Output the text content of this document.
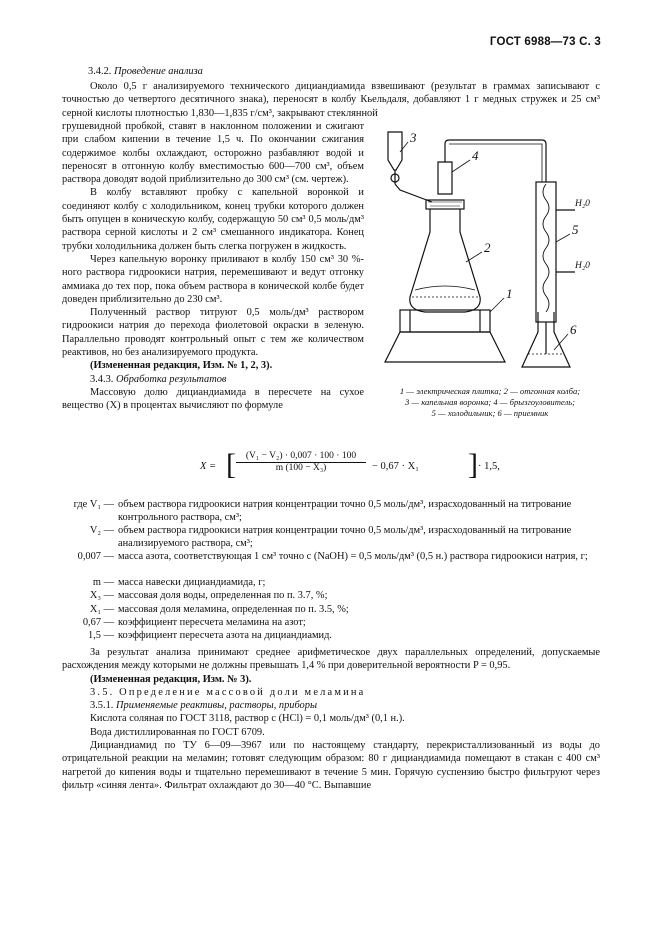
ГОСТ 6988—73 С. 3
3.4.2. Проведение анализа

Около 0,5 г анализируемого технического дициандиамида взвешивают (результат в граммах записывают с точностью до четвертого десятичного знака), переносят в колбу Кьельдаля, добавляют 1 г медных стружек и 25 см³ серной кислоты плотностью 1,830—1,835 г/см³, закрывают стеклянной

грушевидной пробкой, ставят в наклонном положении и сжигают при слабом кипении в течение 1,5 ч. По окончании сжигания содержимое колбы охлаждают, осторожно разбавляют водой и переносят в отгонную колбу вместимостью 600—700 см³, объем раствора доводят водой приблизительно до 300 см³ (см. чертеж).

В колбу вставляют пробку с капельной воронкой и соединяют колбу с холодильником, конец трубки которого должен быть опущен в коническую колбу, содержащую 50 см³ 0,5 моль/дм³ раствора серной кислоты и 2 см³ смешанного индикатора. Конец трубки холодильника должен быть слегка погружен в жидкость.

Через капельную воронку приливают в колбу 150 см³ 30 %-ного раствора гидроокиси натрия, перемешивают и ведут отгонку аммиака до тех пор, пока объем раствора в конической колбе будет доведен приблизительно до 230 см³.

Полученный раствор титруют 0,5 моль/дм³ раствором гидроокиси натрия до перехода фиолетовой окраски в зеленую. Параллельно проводят контрольный опыт с тем же количеством реактивов, но без анализируемого продукта.

(Измененная редакция, Изм. № 1, 2, 3).

3.4.3. Обработка результатов

Массовую долю дициандиамида в пересчете на сухое вещество (X) в процентах вычисляют по формуле

3
4
2
1
5
6
H₂0
H₂0
1 — электрическая плитка; 2 — отгонная колба;
3 — капельная воронка; 4 — брызгоуловитель;
5 — холодильник; 6 — приемник
X = [ $\frac{\text{(V₁ − V₂) · 0,007 · 100 · 100}}{\text{m (100 − X₃)}} - 0,67 \cdot X_1$ ] · 1,5,
где V₁ — объем раствора гидроокиси натрия концентрации точно 0,5 моль/дм³, израсходованный на титрование контрольного раствора, см³;
V₂ — объем раствора гидроокиси натрия концентрации точно 0,5 моль/дм³, израсходованный на титрование анализируемого раствора, см³;
0,007 — масса азота, соответствующая 1 см³ точно c (NaOH) = 0,5 моль/дм³ (0,5 н.) раствора гидроокиси натрия, г;
m — масса навески дициандиамида, г;
X₃ — массовая доля воды, определенная по п. 3.7, %;
X₁ — массовая доля меламина, определенная по п. 3.5, %;
0,67 — коэффициент пересчета меламина на азот;
1,5 — коэффициент пересчета азота на дициандиамид.

За результат анализа принимают среднее арифметическое двух параллельных определений, допускаемые расхождения между которыми не должны превышать 1,4 % при доверительной вероятности P = 0,95.

(Измененная редакция, Изм. № 3).

3.5. Определение массовой доли меламина

3.5.1. Применяемые реактивы, растворы, приборы

Кислота соляная по ГОСТ 3118, раствор c (HCl) = 0,1 моль/дм³ (0,1 н.).

Вода дистиллированная по ГОСТ 6709.

Дициандиамид по ТУ 6—09—3967 или по настоящему стандарту, перекристаллизованный из воды до отрицательной реакции на меламин; готовят следующим образом: 80 г дициандиамида помещают в стакан с 400 см³ нагретой до кипения воды и тщательно перемешивают в течение 5 мин. Горячую суспензию быстро фильтруют через фильтр «синяя лента». Фильтрат охлаждают до 30—40 °С. Выпавшие
